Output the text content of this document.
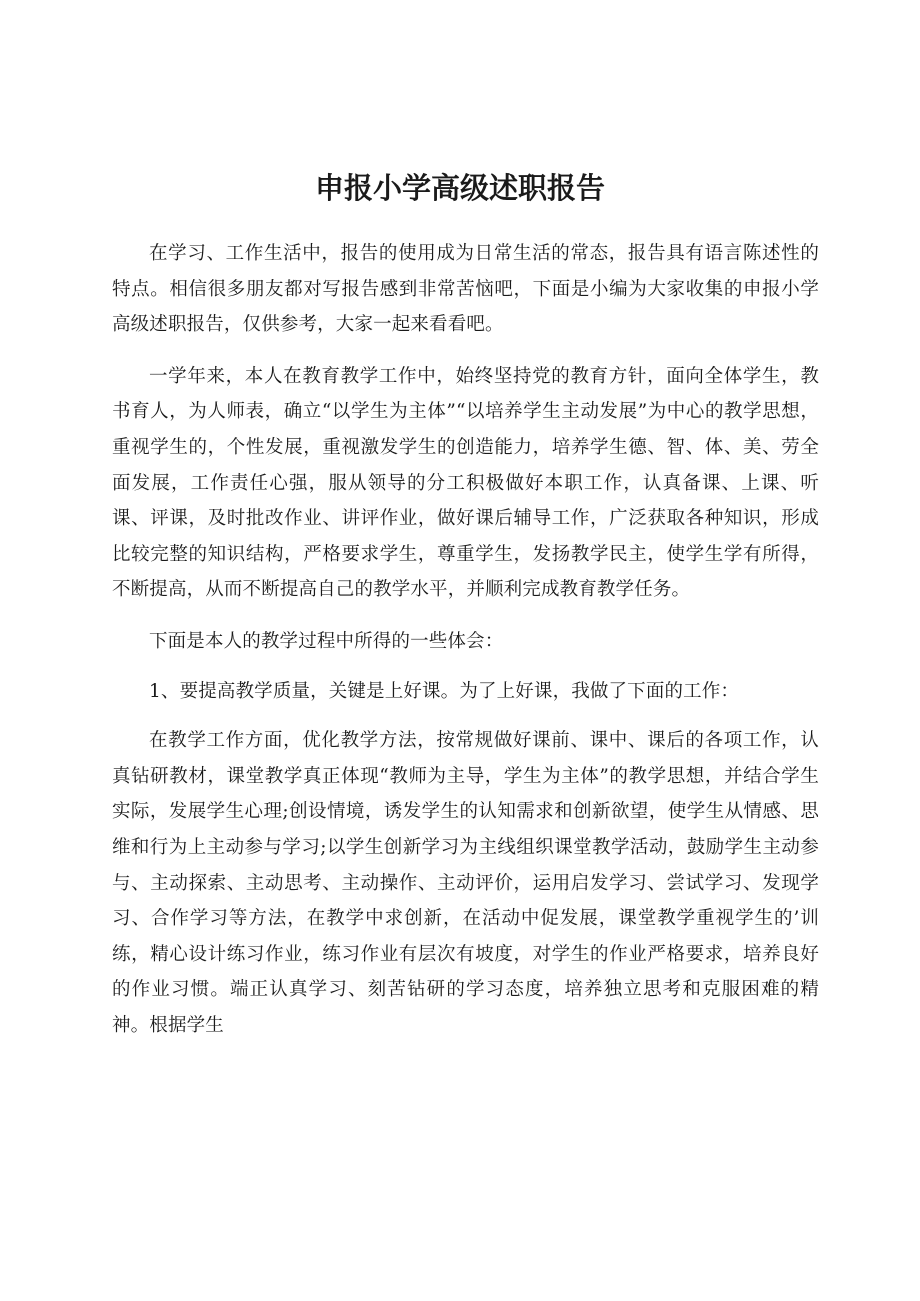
申报小学高级述职报告

在学习、工作生活中，报告的使用成为日常生活的常态，报告具有语言陈述性的特点。相信很多朋友都对写报告感到非常苦恼吧，下面是小编为大家收集的申报小学高级述职报告，仅供参考，大家一起来看看吧。

一学年来，本人在教育教学工作中，始终坚持党的教育方针，面向全体学生，教书育人，为人师表，确立“以学生为主体”“以培养学生主动发展”为中心的教学思想，重视学生的，个性发展，重视激发学生的创造能力，培养学生德、智、体、美、劳全面发展，工作责任心强，服从领导的分工积极做好本职工作，认真备课、上课、听课、评课，及时批改作业、讲评作业，做好课后辅导工作，广泛获取各种知识，形成比较完整的知识结构，严格要求学生，尊重学生，发扬教学民主，使学生学有所得，不断提高，从而不断提高自己的教学水平，并顺利完成教育教学任务。

下面是本人的教学过程中所得的一些体会：

1、要提高教学质量，关键是上好课。为了上好课，我做了下面的工作：

在教学工作方面，优化教学方法，按常规做好课前、课中、课后的各项工作，认真钻研教材，课堂教学真正体现“教师为主导，学生为主体”的教学思想，并结合学生实际，发展学生心理;创设情境，诱发学生的认知需求和创新欲望，使学生从情感、思维和行为上主动参与学习;以学生创新学习为主线组织课堂教学活动，鼓励学生主动参与、主动探索、主动思考、主动操作、主动评价，运用启发学习、尝试学习、发现学习、合作学习等方法，在教学中求创新，在活动中促发展，课堂教学重视学生的’训练，精心设计练习作业，练习作业有层次有坡度，对学生的作业严格要求，培养良好的作业习惯。端正认真学习、刻苦钻研的学习态度，培养独立思考和克服困难的精神。根据学生
